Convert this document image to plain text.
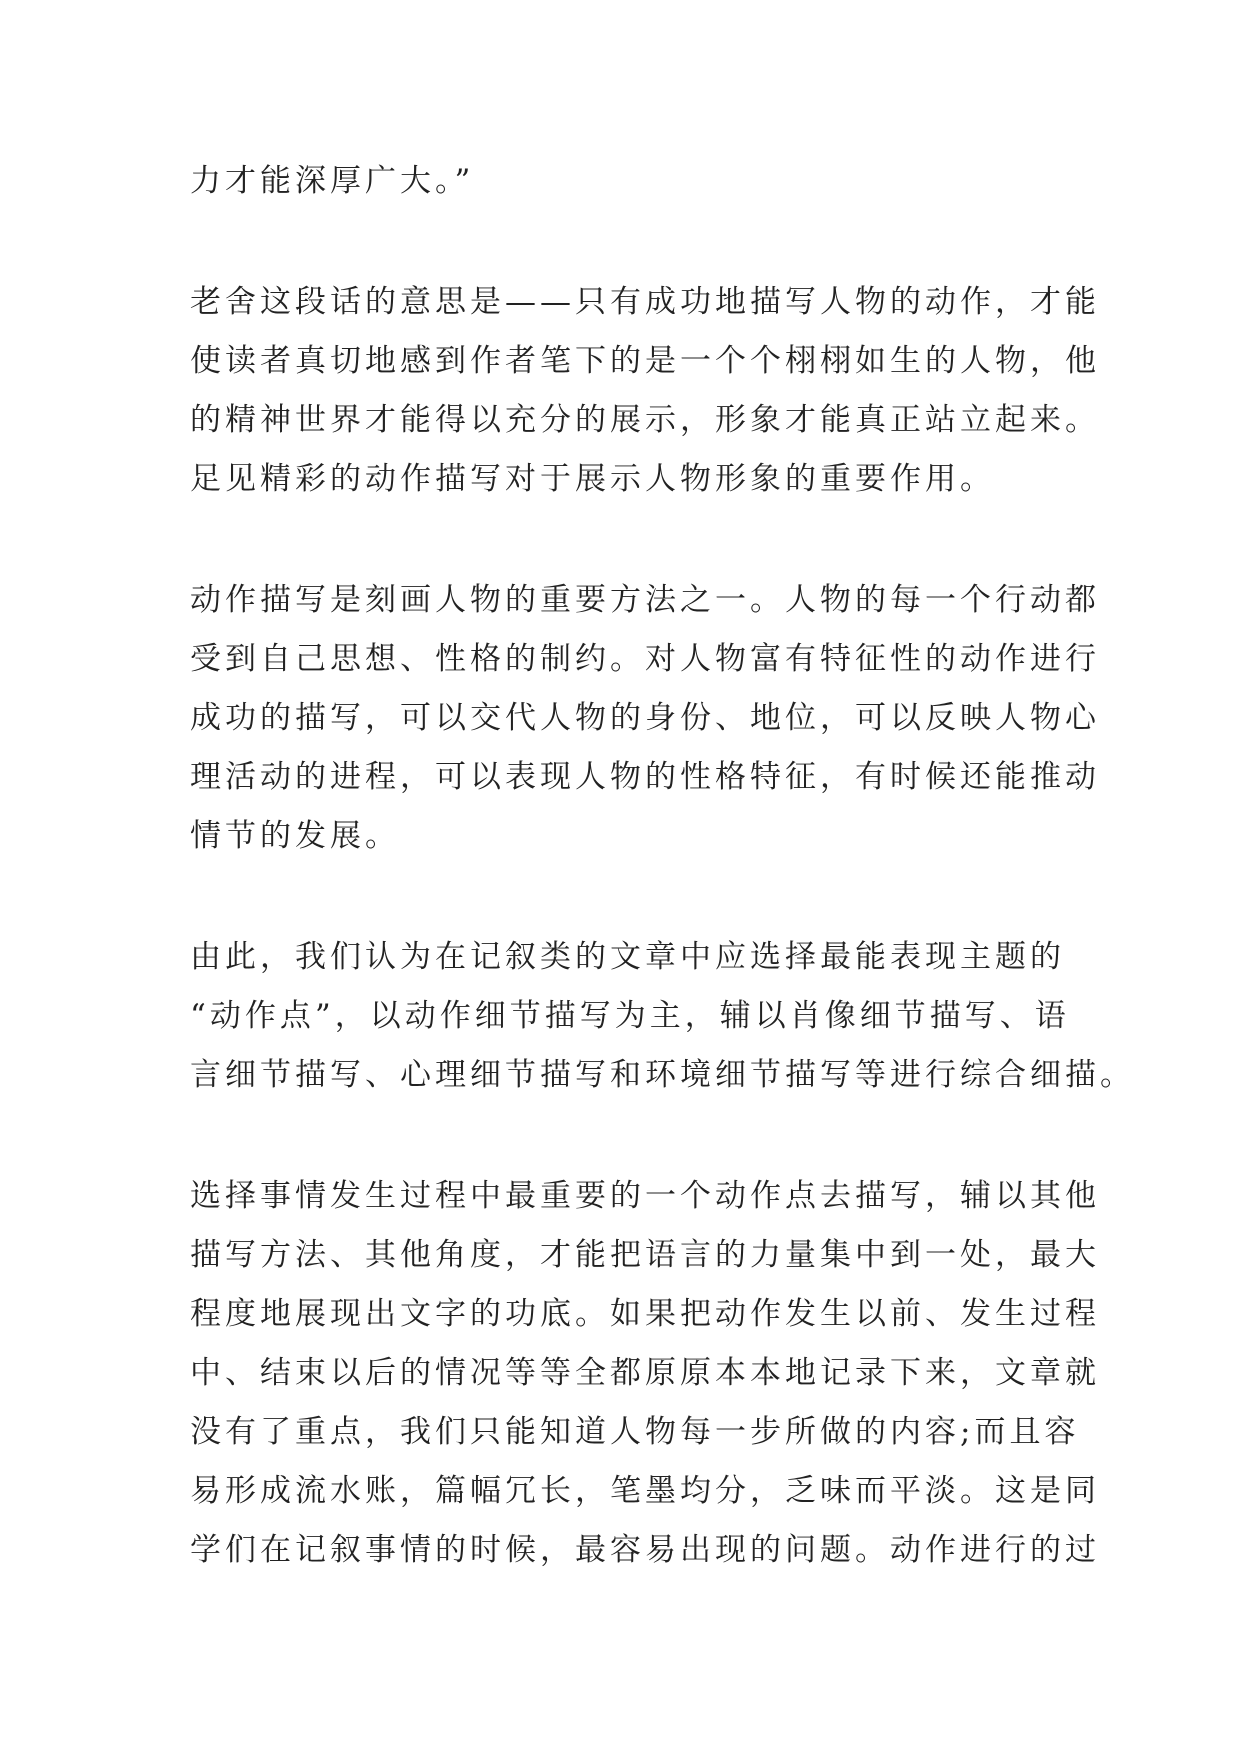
力才能深厚广大。”
老舍这段话的意思是——只有成功地描写人物的动作，才能
使读者真切地感到作者笔下的是一个个栩栩如生的人物，他
的精神世界才能得以充分的展示，形象才能真正站立起来。
足见精彩的动作描写对于展示人物形象的重要作用。
动作描写是刻画人物的重要方法之一。人物的每一个行动都
受到自己思想、性格的制约。对人物富有特征性的动作进行
成功的描写，可以交代人物的身份、地位，可以反映人物心
理活动的进程，可以表现人物的性格特征，有时候还能推动
情节的发展。
由此，我们认为在记叙类的文章中应选择最能表现主题的
“动作点”，以动作细节描写为主，辅以肖像细节描写、语
言细节描写、心理细节描写和环境细节描写等进行综合细描。
选择事情发生过程中最重要的一个动作点去描写，辅以其他
描写方法、其他角度，才能把语言的力量集中到一处，最大
程度地展现出文字的功底。如果把动作发生以前、发生过程
中、结束以后的情况等等全都原原本本地记录下来，文章就
没有了重点，我们只能知道人物每一步所做的内容;而且容
易形成流水账，篇幅冗长，笔墨均分，乏味而平淡。这是同
学们在记叙事情的时候，最容易出现的问题。动作进行的过
